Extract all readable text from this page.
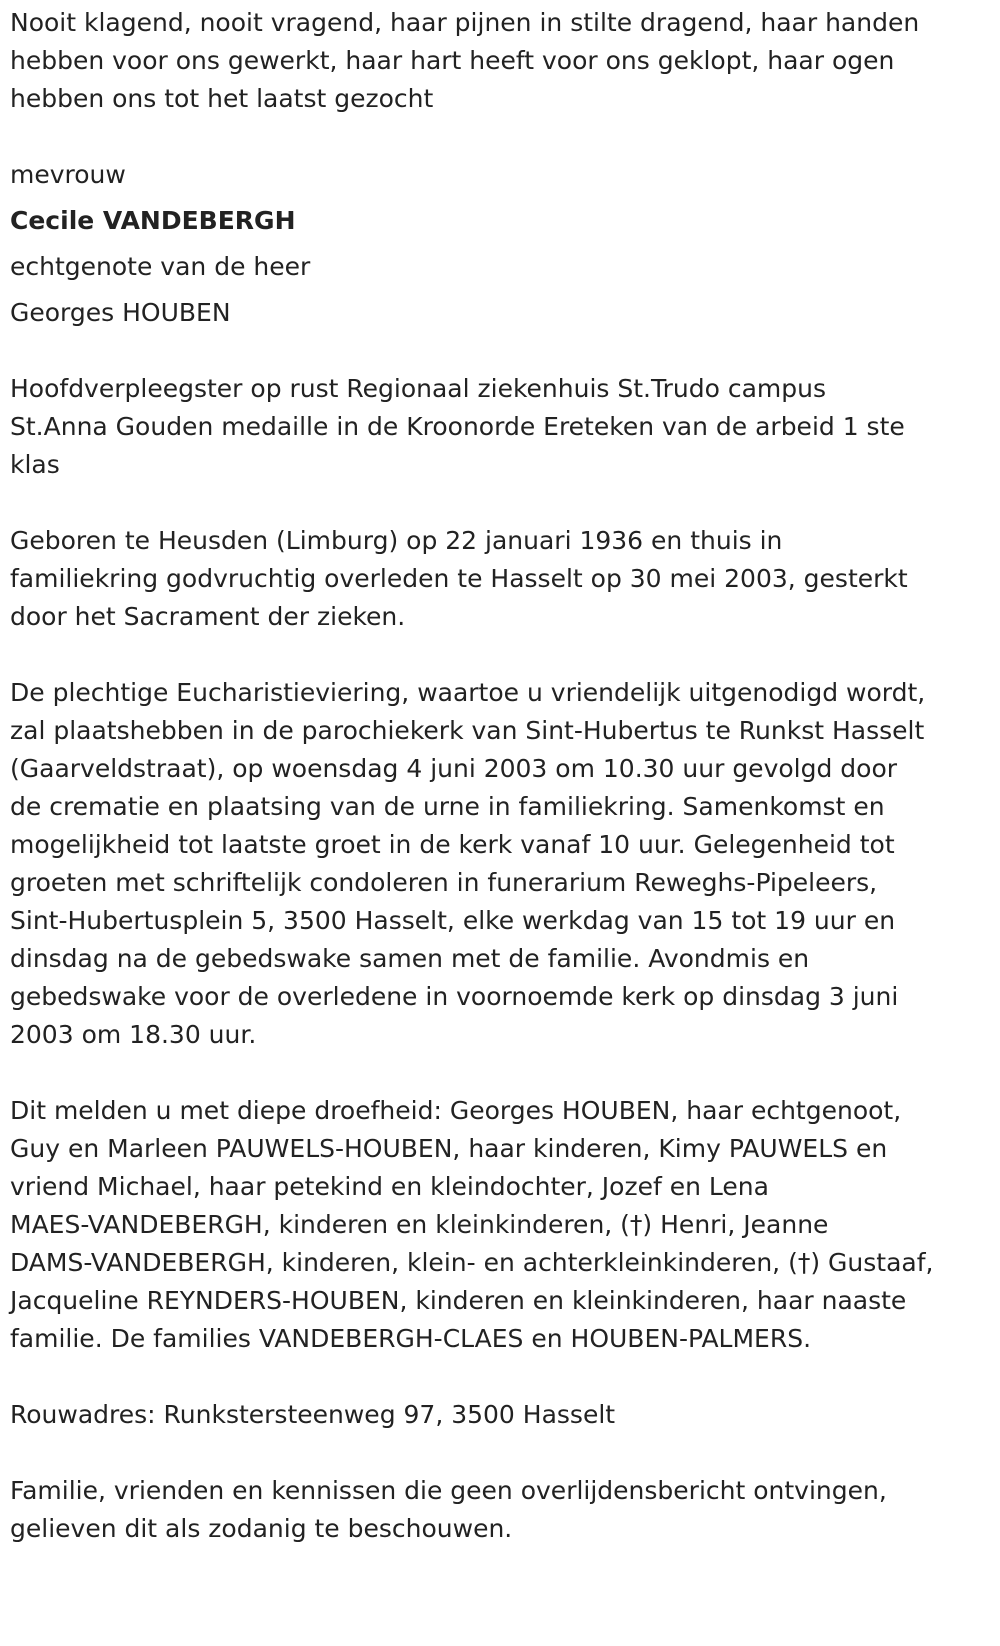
Nooit klagend, nooit vragend, haar pijnen in stilte dragend, haar handen
hebben voor ons gewerkt, haar hart heeft voor ons geklopt, haar ogen
hebben ons tot het laatst gezocht
mevrouw
Cecile VANDEBERGH
echtgenote van de heer
Georges HOUBEN
Hoofdverpleegster op rust Regionaal ziekenhuis St.Trudo campus
St.Anna Gouden medaille in de Kroonorde Ereteken van de arbeid 1 ste
klas
Geboren te Heusden (Limburg) op 22 januari 1936 en thuis in
familiekring godvruchtig overleden te Hasselt op 30 mei 2003, gesterkt
door het Sacrament der zieken.
De plechtige Eucharistieviering, waartoe u vriendelijk uitgenodigd wordt,
zal plaatshebben in de parochiekerk van Sint-Hubertus te Runkst Hasselt
(Gaarveldstraat), op woensdag 4 juni 2003 om 10.30 uur gevolgd door
de crematie en plaatsing van de urne in familiekring. Samenkomst en
mogelijkheid tot laatste groet in de kerk vanaf 10 uur. Gelegenheid tot
groeten met schriftelijk condoleren in funerarium Reweghs-Pipeleers,
Sint-Hubertusplein 5, 3500 Hasselt, elke werkdag van 15 tot 19 uur en
dinsdag na de gebedswake samen met de familie. Avondmis en
gebedswake voor de overledene in voornoemde kerk op dinsdag 3 juni
2003 om 18.30 uur.
Dit melden u met diepe droefheid: Georges HOUBEN, haar echtgenoot,
Guy en Marleen PAUWELS-HOUBEN, haar kinderen, Kimy PAUWELS en
vriend Michael, haar petekind en kleindochter, Jozef en Lena
MAES-VANDEBERGH, kinderen en kleinkinderen, (†) Henri, Jeanne
DAMS-VANDEBERGH, kinderen, klein- en achterkleinkinderen, (†) Gustaaf,
Jacqueline REYNDERS-HOUBEN, kinderen en kleinkinderen, haar naaste
familie. De families VANDEBERGH-CLAES en HOUBEN-PALMERS.
Rouwadres: Runkstersteenweg 97, 3500 Hasselt
Familie, vrienden en kennissen die geen overlijdensbericht ontvingen,
gelieven dit als zodanig te beschouwen.
